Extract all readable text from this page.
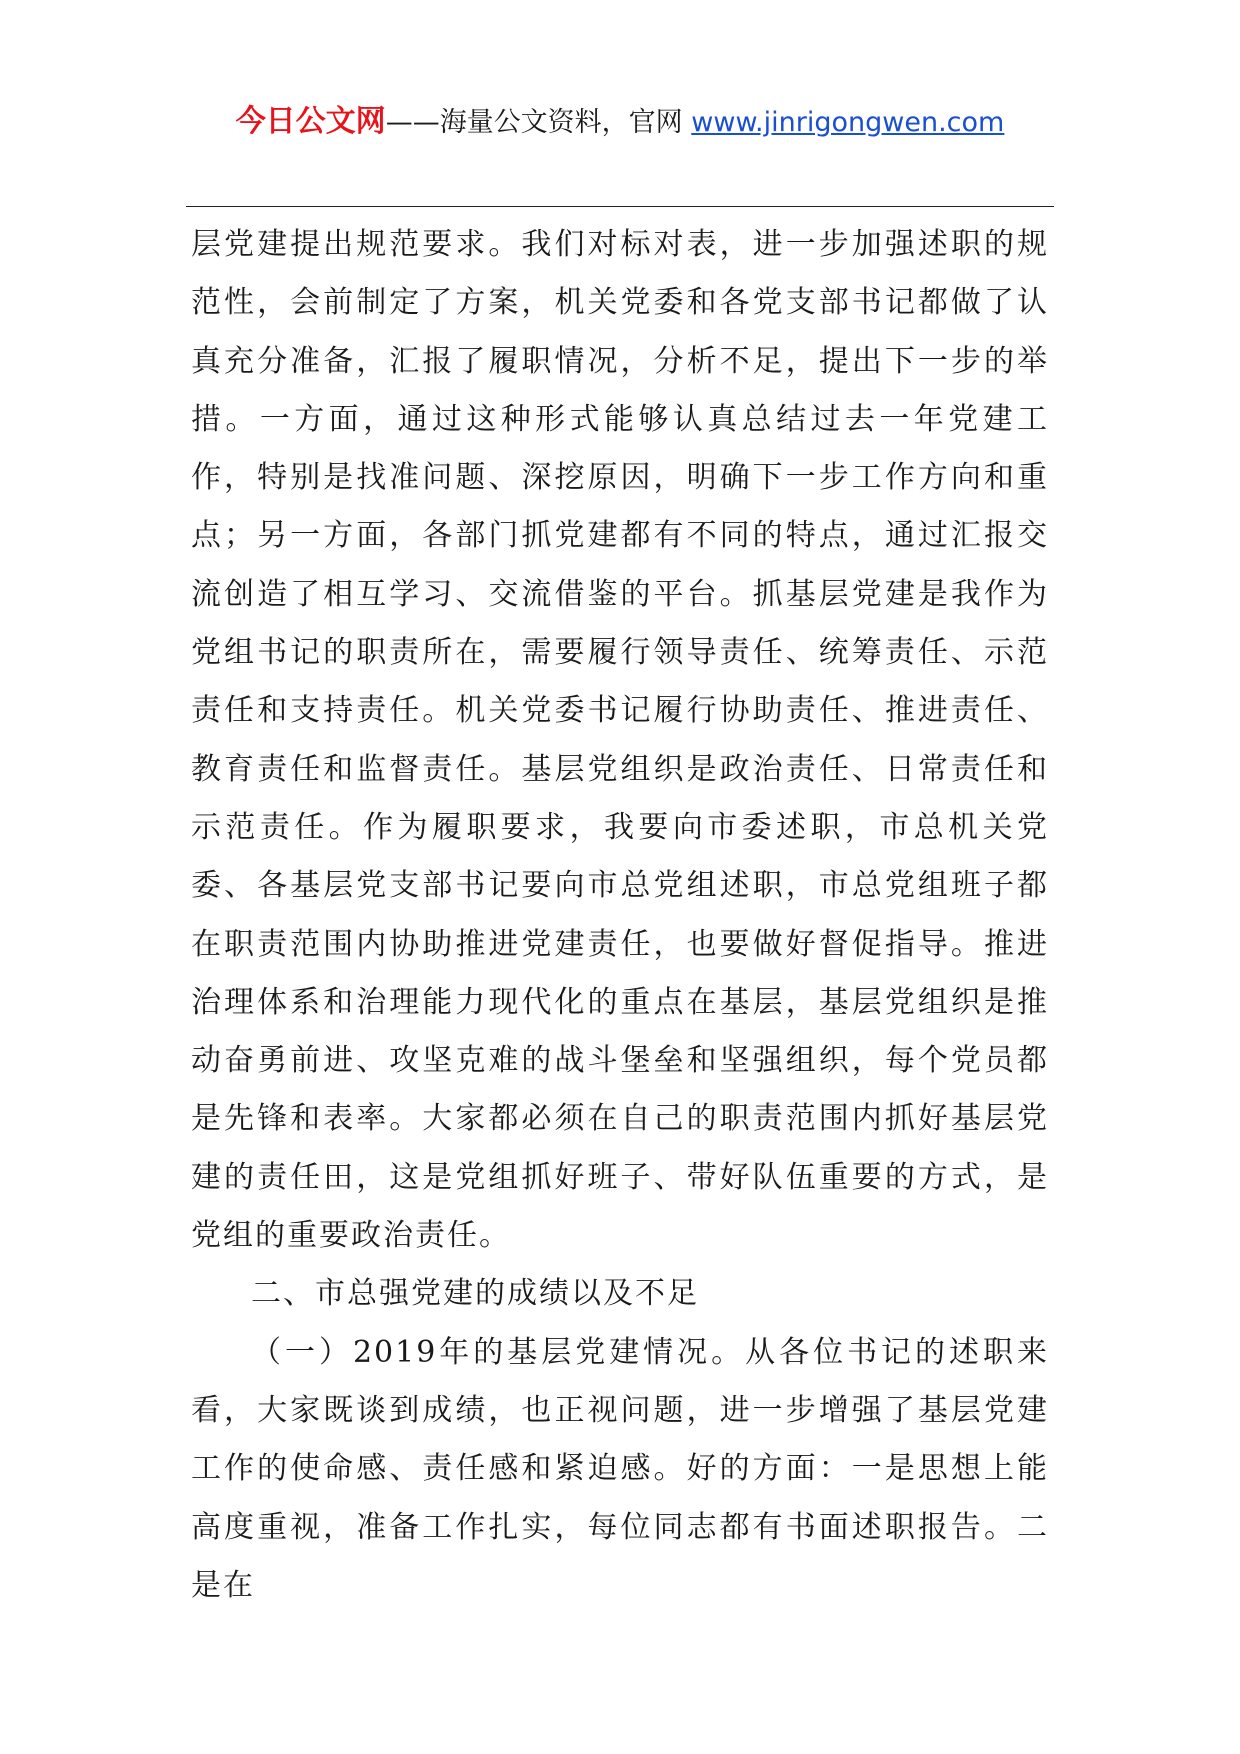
今日公文网——海量公文资料，官网 www.jinrigongwen.com

层党建提出规范要求。我们对标对表，进一步加强述职的规范性，会前制定了方案，机关党委和各党支部书记都做了认真充分准备，汇报了履职情况，分析不足，提出下一步的举措。一方面，通过这种形式能够认真总结过去一年党建工作，特别是找准问题、深挖原因，明确下一步工作方向和重点；另一方面，各部门抓党建都有不同的特点，通过汇报交流创造了相互学习、交流借鉴的平台。抓基层党建是我作为党组书记的职责所在，需要履行领导责任、统筹责任、示范责任和支持责任。机关党委书记履行协助责任、推进责任、教育责任和监督责任。基层党组织是政治责任、日常责任和示范责任。作为履职要求，我要向市委述职，市总机关党委、各基层党支部书记要向市总党组述职，市总党组班子都在职责范围内协助推进党建责任，也要做好督促指导。推进治理体系和治理能力现代化的重点在基层，基层党组织是推动奋勇前进、攻坚克难的战斗堡垒和坚强组织，每个党员都是先锋和表率。大家都必须在自己的职责范围内抓好基层党建的责任田，这是党组抓好班子、带好队伍重要的方式，是党组的重要政治责任。

二、市总强党建的成绩以及不足

（一）2019年的基层党建情况。从各位书记的述职来看，大家既谈到成绩，也正视问题，进一步增强了基层党建工作的使命感、责任感和紧迫感。好的方面：一是思想上能高度重视，准备工作扎实，每位同志都有书面述职报告。二是在
